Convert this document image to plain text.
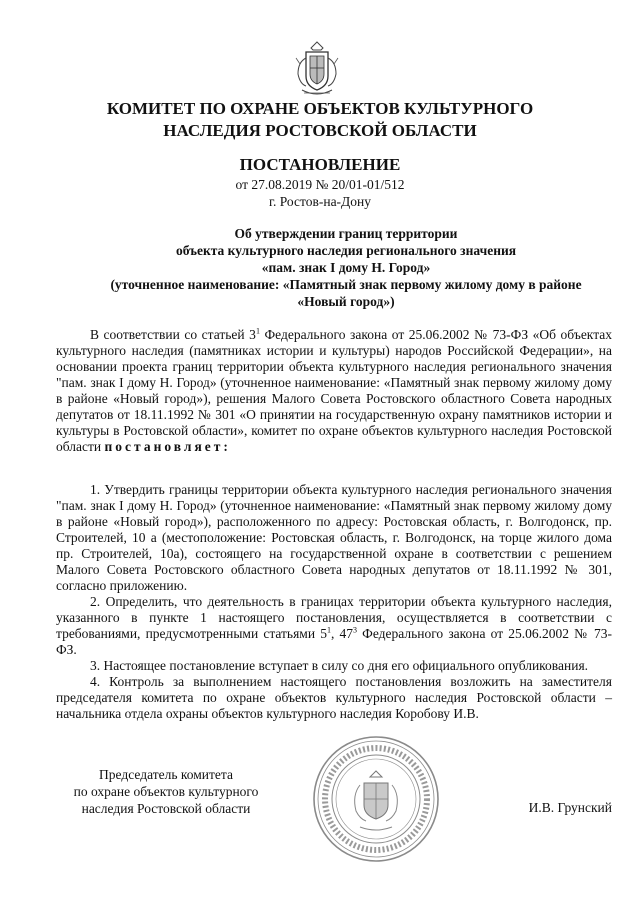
КОМИТЕТ ПО ОХРАНЕ ОБЪЕКТОВ КУЛЬТУРНОГО
НАСЛЕДИЯ РОСТОВСКОЙ ОБЛАСТИ
ПОСТАНОВЛЕНИЕ
от 27.08.2019 № 20/01-01/512
г. Ростов-на-Дону
Об утверждении границ территории
объекта культурного наследия регионального значения
«пам. знак I дому Н. Город»
(уточненное наименование: «Памятный знак первому жилому дому в районе
«Новый город»)

В соответствии со статьей $3^1$ Федерального закона от 25.06.2002 № 73-ФЗ «Об объектах культурного наследия (памятниках истории и культуры) народов Российской Федерации», на основании проекта границ территории объекта культурного наследия регионального значения "пам. знак I дому Н. Город» (уточненное наименование: «Памятный знак первому жилому дому в районе «Новый город»), решения Малого Совета Ростовского областного Совета народных депутатов от 18.11.1992 № 301 «О принятии на государственную охрану памятников истории и культуры в Ростовской области», комитет по охране объектов культурного наследия Ростовской области постановляет:

1. Утвердить границы территории объекта культурного наследия регионального значения "пам. знак I дому Н. Город» (уточненное наименование: «Памятный знак первому жилому дому в районе «Новый город»), расположенного по адресу: Ростовская область, г. Волгодонск, пр. Строителей, 10 а (местоположение: Ростовская область, г. Волгодонск, на торце жилого дома пр. Строителей, 10а), состоящего на государственной охране в соответствии с решением Малого Совета Ростовского областного Совета народных депутатов от 18.11.1992 № 301, согласно приложению.

2. Определить, что деятельность в границах территории объекта культурного наследия, указанного в пункте 1 настоящего постановления, осуществляется в соответствии с требованиями, предусмотренными статьями $5^1$, $47^3$ Федерального закона от 25.06.2002 № 73-ФЗ.

3. Настоящее постановление вступает в силу со дня его официального опубликования.

4. Контроль за выполнением настоящего постановления возложить на заместителя председателя комитета по охране объектов культурного наследия Ростовской области – начальника отдела охраны объектов культурного наследия Коробову И.В.

Председатель комитета
по охране объектов культурного
наследия Ростовской области	И.В. Грунский
